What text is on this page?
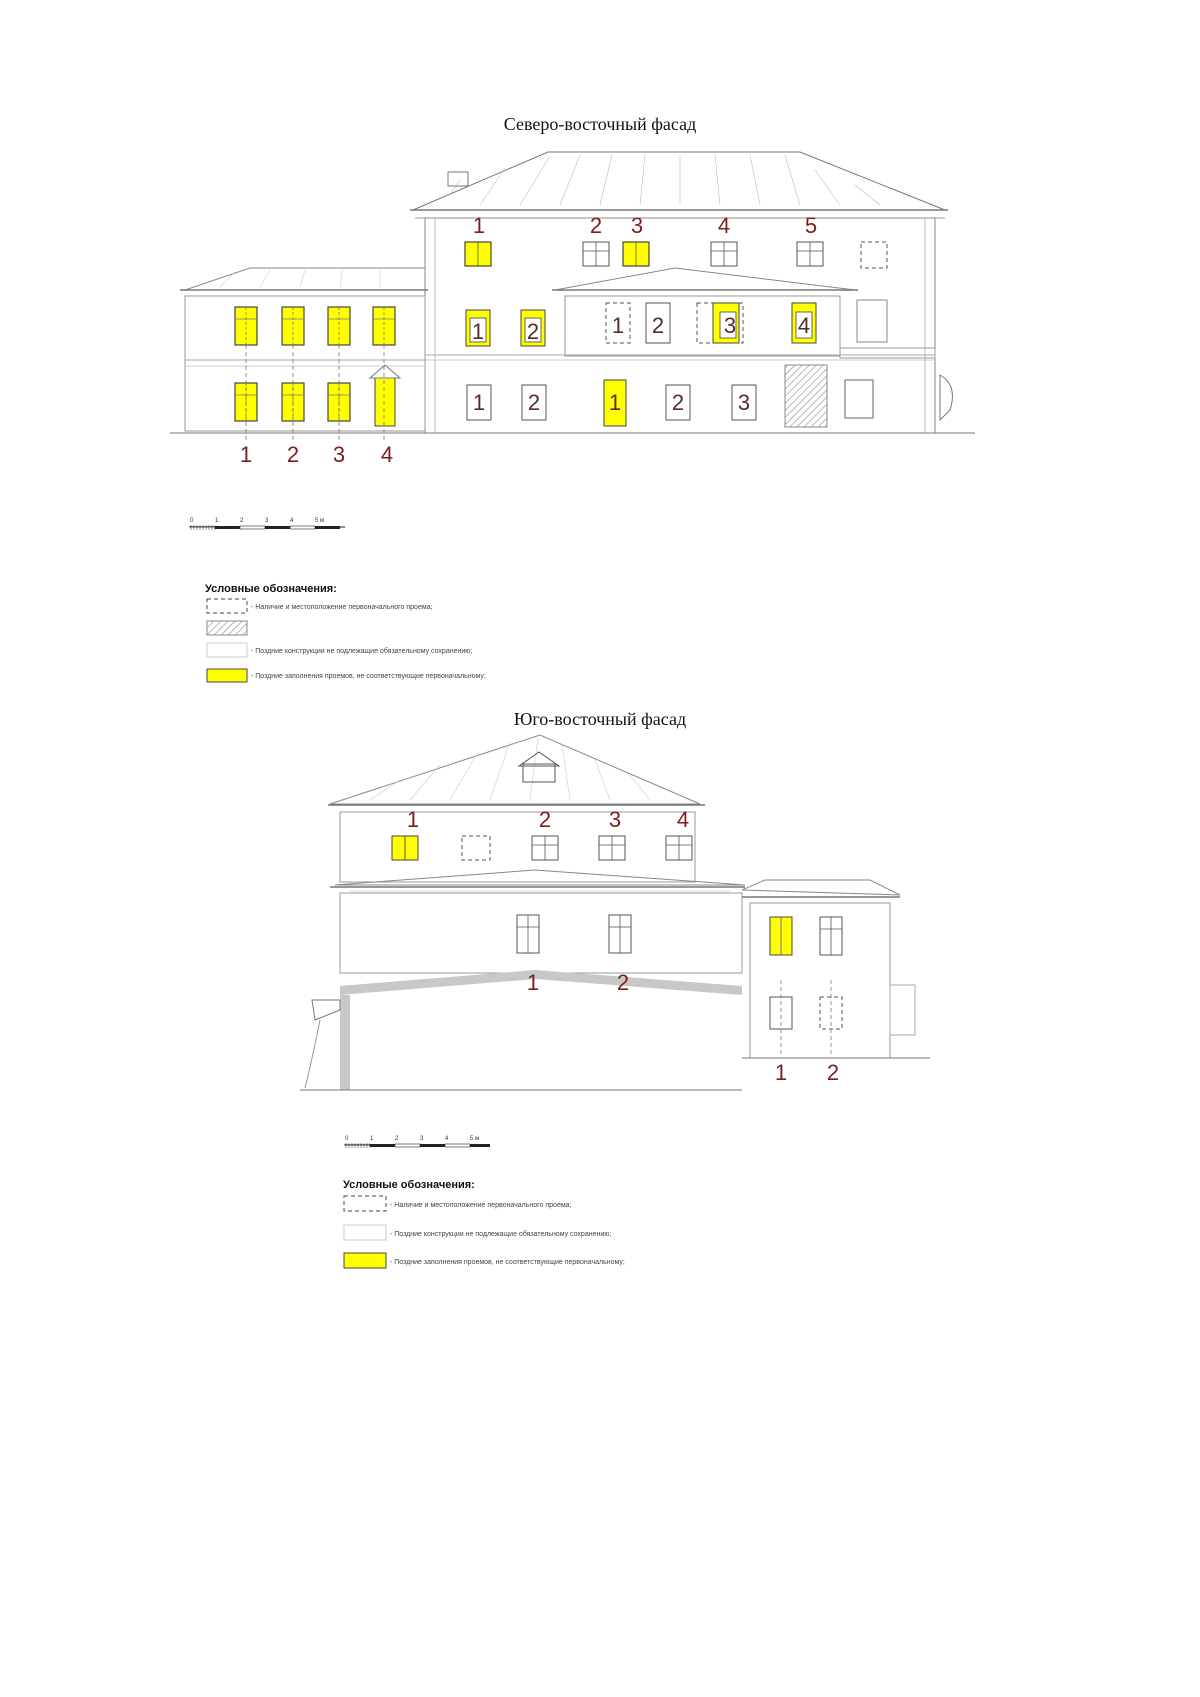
Северо-восточный фасад
Юго-восточный фасад
1	2 3	4	5
1 2	1 2	3	4
1 2	1 2 3
1 2 3 4
0	1	2	3	4	5 м
Условные обозначения:
- Наличие и местоположение первоначального проема;
- Поздние конструкции не подлежащие обязательному сохранению;
- Поздние заполнения проемов, не соответствующие первоначальному;
1	2	3	4
1	2
1 2
0	1	2	3	4	5 м
Условные обозначения:
- Наличие и местоположение первоначального проема;
- Поздние конструкции не подлежащие обязательному сохранению;
- Поздние заполнения проемов, не соответствующие первоначальному;
